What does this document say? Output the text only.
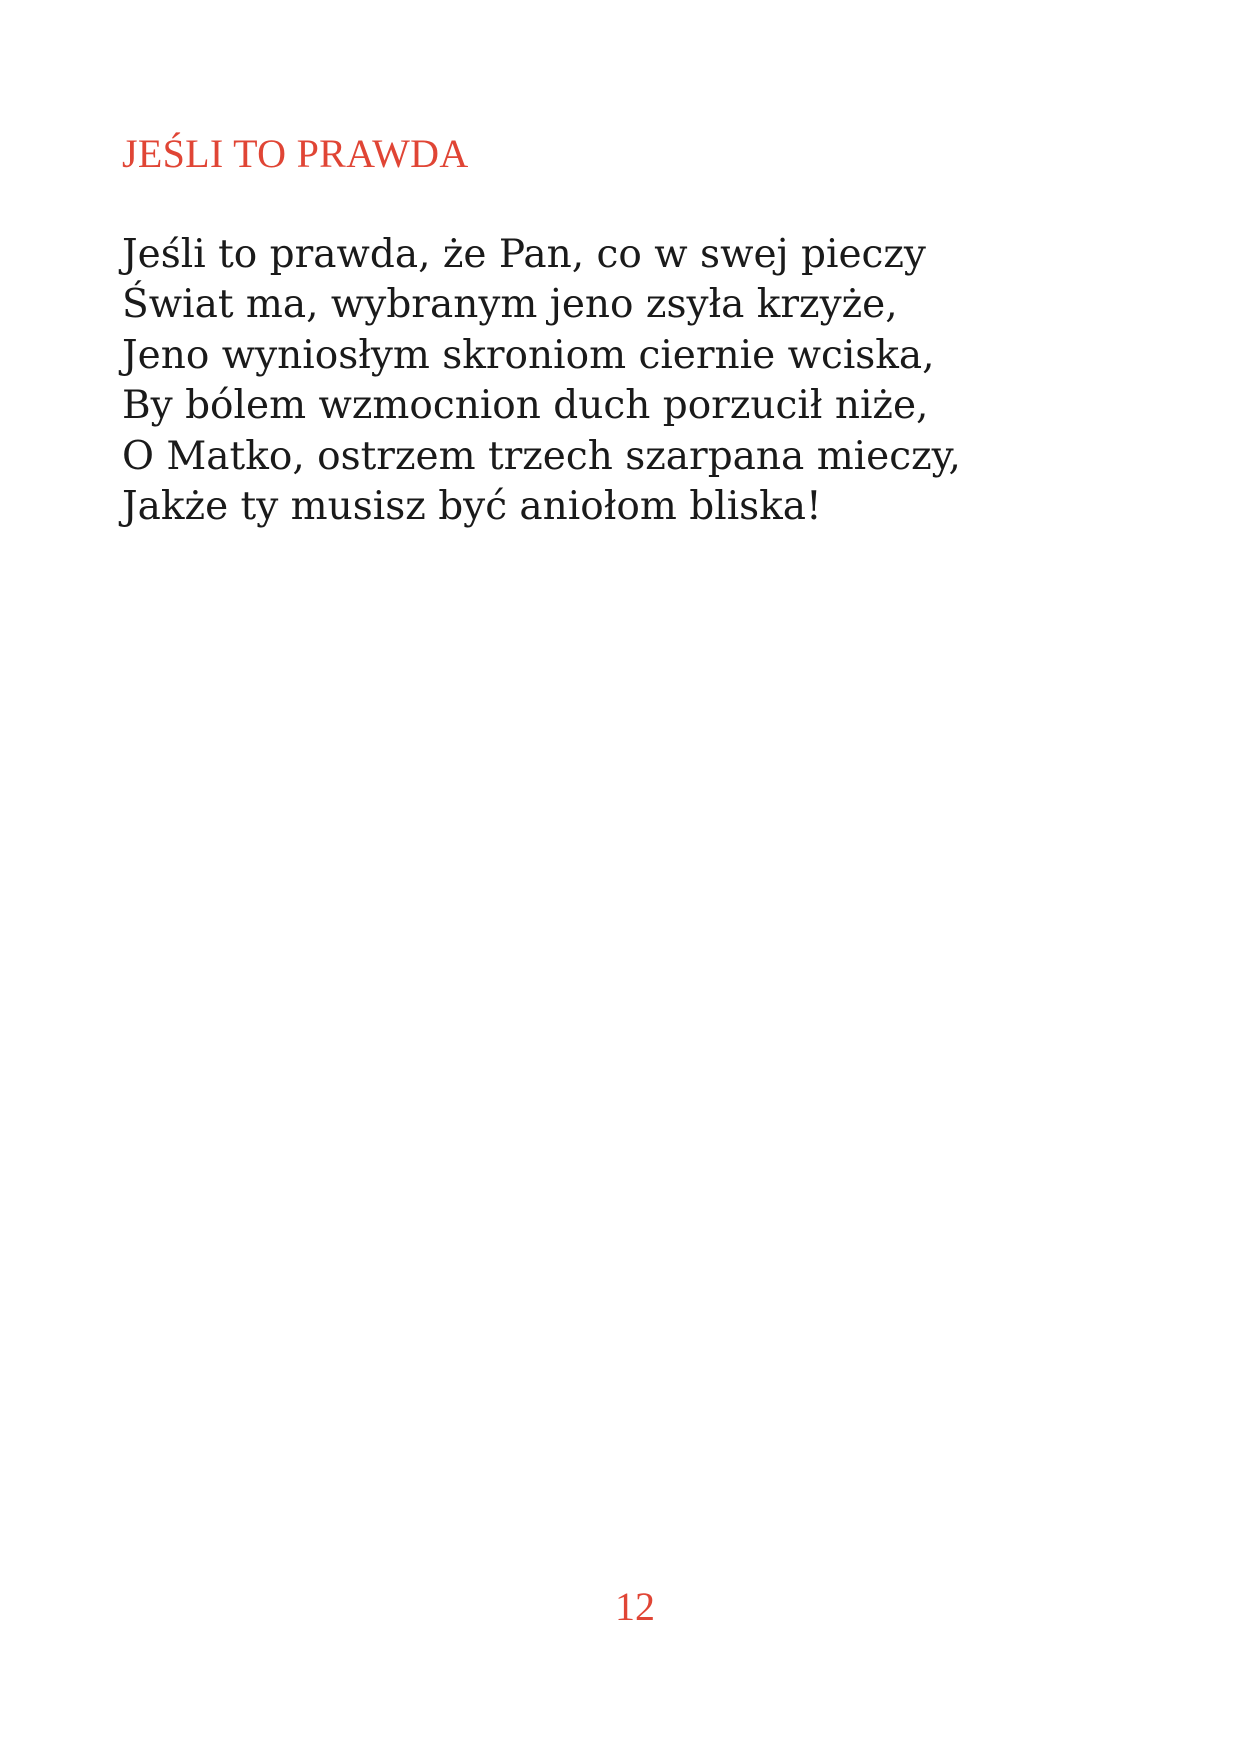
JEŚLI TO PRAWDA
Jeśli to prawda, że Pan, co w swej pieczy
Świat ma, wybranym jeno zsyła krzyże,
Jeno wyniosłym skroniom ciernie wciska,
By bólem wzmocnion duch porzucił niże,
O Matko, ostrzem trzech szarpana mieczy,
Jakże ty musisz być aniołom bliska!
12
